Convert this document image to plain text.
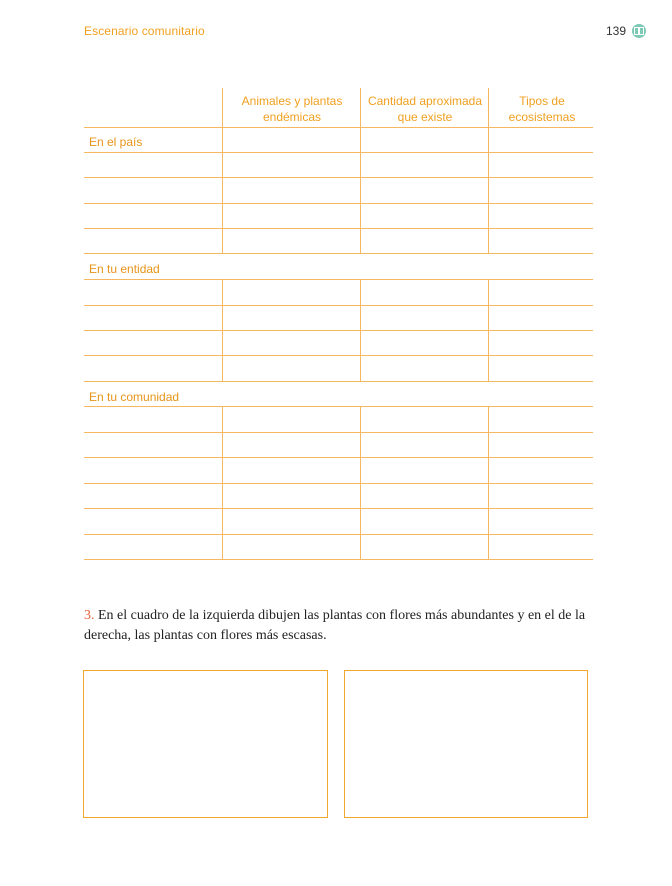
Escenario comunitario	139
Animales y plantas endémicas
Cantidad aproximada que existe
Tipos de ecosistemas
En el país
En tu entidad
En tu comunidad
3. En el cuadro de la izquierda dibujen las plantas con flores más abundantes y en el de la derecha, las plantas con flores más escasas.
